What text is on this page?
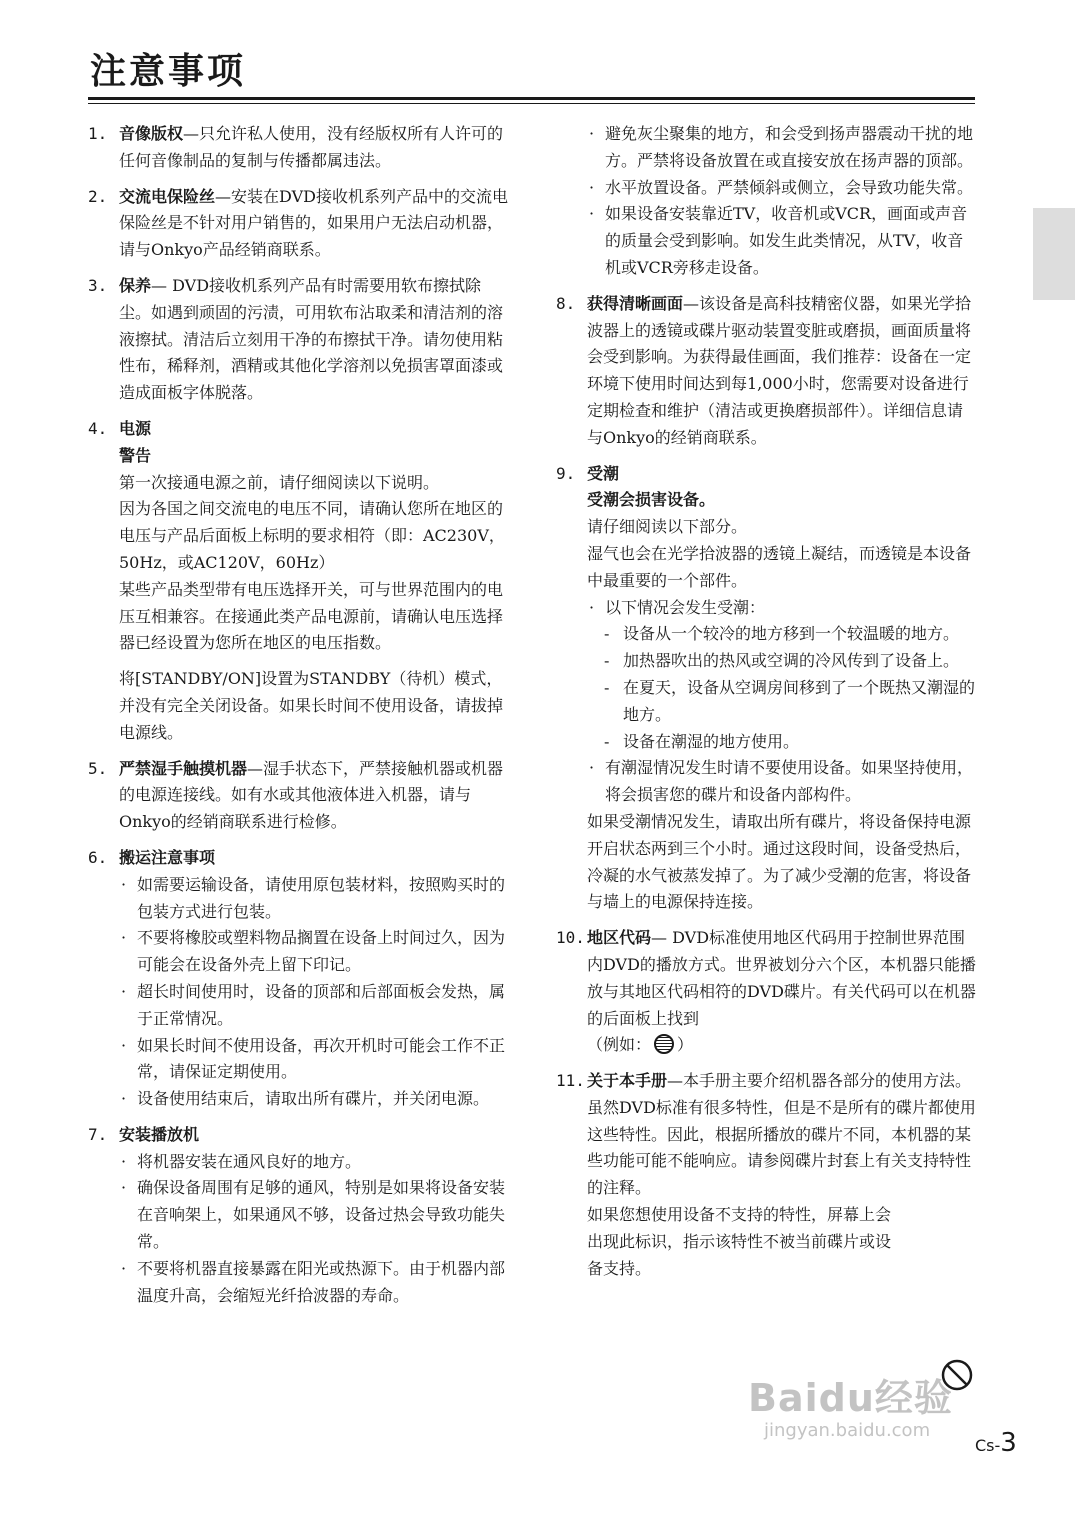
注意事项
1. 音像版权—只允许私人使用，没有经版权所有人许可的任何音像制品的复制与传播都属违法。
2. 交流电保险丝—安装在DVD接收机系列产品中的交流电保险丝是不针对用户销售的，如果用户无法启动机器，请与Onkyo产品经销商联系。
3. 保养— DVD接收机系列产品有时需要用软布擦拭除尘。如遇到顽固的污渍，可用软布沾取柔和清洁剂的溶液擦拭。清洁后立刻用干净的布擦拭干净。请勿使用粘性布，稀释剂，酒精或其他化学溶剂以免损害罩面漆或造成面板字体脱落。
4. 电源
警告
第一次接通电源之前，请仔细阅读以下说明。
因为各国之间交流电的电压不同，请确认您所在地区的电压与产品后面板上标明的要求相符（即：AC230V，50Hz，或AC120V，60Hz）
某些产品类型带有电压选择开关，可与世界范围内的电压互相兼容。在接通此类产品电源前，请确认电压选择器已经设置为您所在地区的电压指数。
将[STANDBY/ON]设置为STANDBY（待机）模式，并没有完全关闭设备。如果长时间不使用设备，请拔掉电源线。
5. 严禁湿手触摸机器—湿手状态下，严禁接触机器或机器的电源连接线。如有水或其他液体进入机器，请与Onkyo的经销商联系进行检修。
6. 搬运注意事项
· 如需要运输设备，请使用原包装材料，按照购买时的包装方式进行包装。
· 不要将橡胶或塑料物品搁置在设备上时间过久，因为可能会在设备外壳上留下印记。
· 超长时间使用时，设备的顶部和后部面板会发热，属于正常情况。
· 如果长时间不使用设备，再次开机时可能会工作不正常，请保证定期使用。
· 设备使用结束后，请取出所有碟片，并关闭电源。
7. 安装播放机
· 将机器安装在通风良好的地方。
· 确保设备周围有足够的通风，特别是如果将设备安装在音响架上，如果通风不够，设备过热会导致功能失常。
· 不要将机器直接暴露在阳光或热源下。由于机器内部温度升高，会缩短光纤拾波器的寿命。
· 避免灰尘聚集的地方，和会受到扬声器震动干扰的地方。严禁将设备放置在或直接安放在扬声器的顶部。
· 水平放置设备。严禁倾斜或侧立，会导致功能失常。
· 如果设备安装靠近TV，收音机或VCR，画面或声音的质量会受到影响。如发生此类情况，从TV，收音机或VCR旁移走设备。
8. 获得清晰画面—该设备是高科技精密仪器，如果光学拾波器上的透镜或碟片驱动装置变脏或磨损，画面质量将会受到影响。为获得最佳画面，我们推荐：设备在一定环境下使用时间达到每1,000小时，您需要对设备进行定期检查和维护（清洁或更换磨损部件）。详细信息请与Onkyo的经销商联系。
9. 受潮
受潮会损害设备。
请仔细阅读以下部分。
湿气也会在光学拾波器的透镜上凝结，而透镜是本设备中最重要的一个部件。
· 以下情况会发生受潮：
- 设备从一个较冷的地方移到一个较温暖的地方。
- 加热器吹出的热风或空调的冷风传到了设备上。
- 在夏天，设备从空调房间移到了一个既热又潮湿的地方。
- 设备在潮湿的地方使用。
· 有潮湿情况发生时请不要使用设备。如果坚持使用，将会损害您的碟片和设备内部构件。
如果受潮情况发生，请取出所有碟片，将设备保持电源开启状态两到三个小时。通过这段时间，设备受热后，冷凝的水气被蒸发掉了。为了减少受潮的危害，将设备与墙上的电源保持连接。
10. 地区代码— DVD标准使用地区代码用于控制世界范围内DVD的播放方式。世界被划分六个区，本机器只能播放与其地区代码相符的DVD碟片。有关代码可以在机器的后面板上找到
（例如： ）
11. 关于本手册—本手册主要介绍机器各部分的使用方法。虽然DVD标准有很多特性，但是不是所有的碟片都使用这些特性。因此，根据所播放的碟片不同，本机器的某些功能可能不能响应。请参阅碟片封套上有关支持特性的注释。
如果您想使用设备不支持的特性，屏幕上会出现此标识，指示该特性不被当前碟片或设备支持。
Baidu经验
jingyan.baidu.com
Cs-3
